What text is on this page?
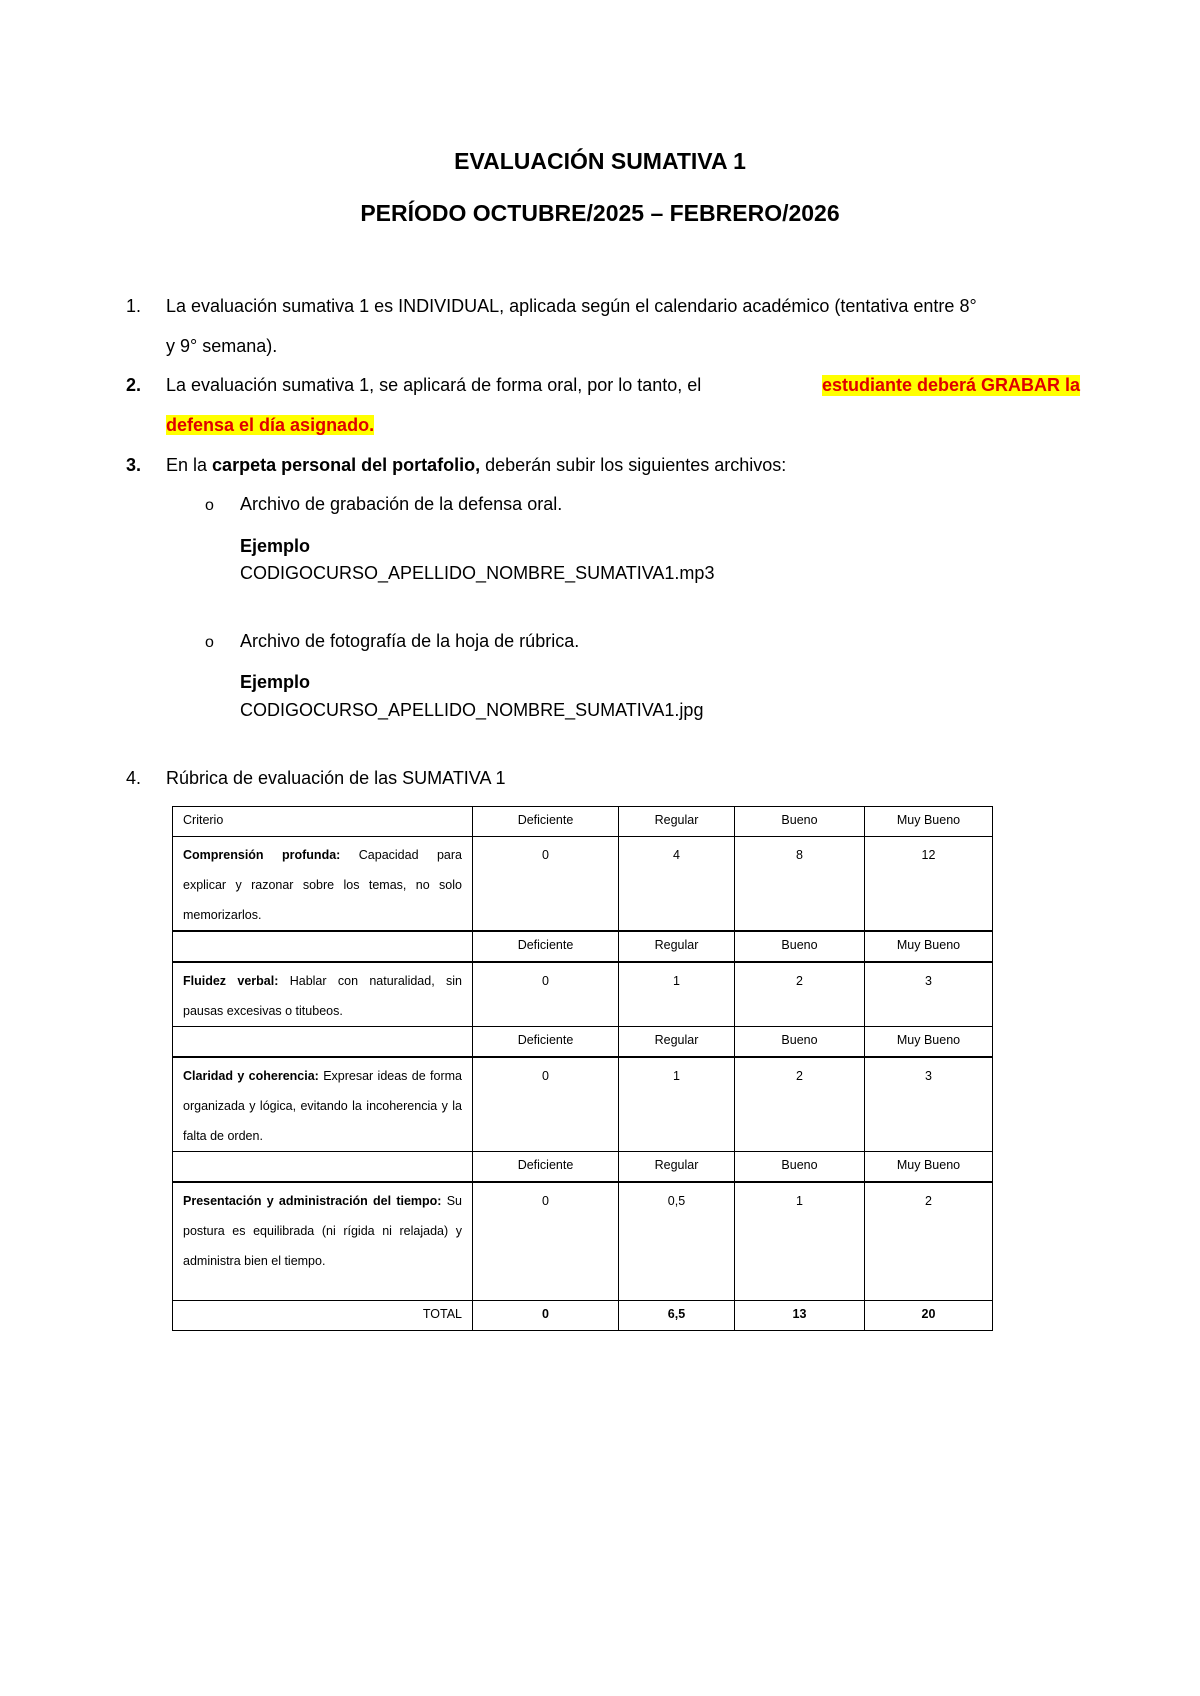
EVALUACIÓN SUMATIVA 1
PERÍODO OCTUBRE/2025 – FEBRERO/2026
1.	La evaluación sumativa 1 es INDIVIDUAL, aplicada según el calendario académico (tentativa entre 8°
y 9° semana).
2.	La evaluación sumativa 1, se aplicará de forma oral, por lo tanto, el	estudiante deberá GRABAR la
defensa el día asignado.
3.	En la carpeta personal del portafolio, deberán subir los siguientes archivos:
o Archivo de grabación de la defensa oral.
Ejemplo
CODIGOCURSO_APELLIDO_NOMBRE_SUMATIVA1.mp3
o Archivo de fotografía de la hoja de rúbrica.
Ejemplo
CODIGOCURSO_APELLIDO_NOMBRE_SUMATIVA1.jpg
4.	Rúbrica de evaluación de las SUMATIVA 1
Criterio	Deficiente	Regular	Bueno	Muy Bueno
Comprensión profunda: Capacidad para explicar y razonar sobre los temas, no solo memorizarlos.	0	4	8	12
	Deficiente	Regular	Bueno	Muy Bueno
Fluidez verbal: Hablar con naturalidad, sin pausas excesivas o titubeos.	0	1	2	3
	Deficiente	Regular	Bueno	Muy Bueno
Claridad y coherencia: Expresar ideas de forma organizada y lógica, evitando la incoherencia y la falta de orden.	0	1	2	3
	Deficiente	Regular	Bueno	Muy Bueno
Presentación y administración del tiempo: Su postura es equilibrada (ni rígida ni relajada) y administra bien el tiempo.	0	0,5	1	2
TOTAL	0	6,5	13	20
